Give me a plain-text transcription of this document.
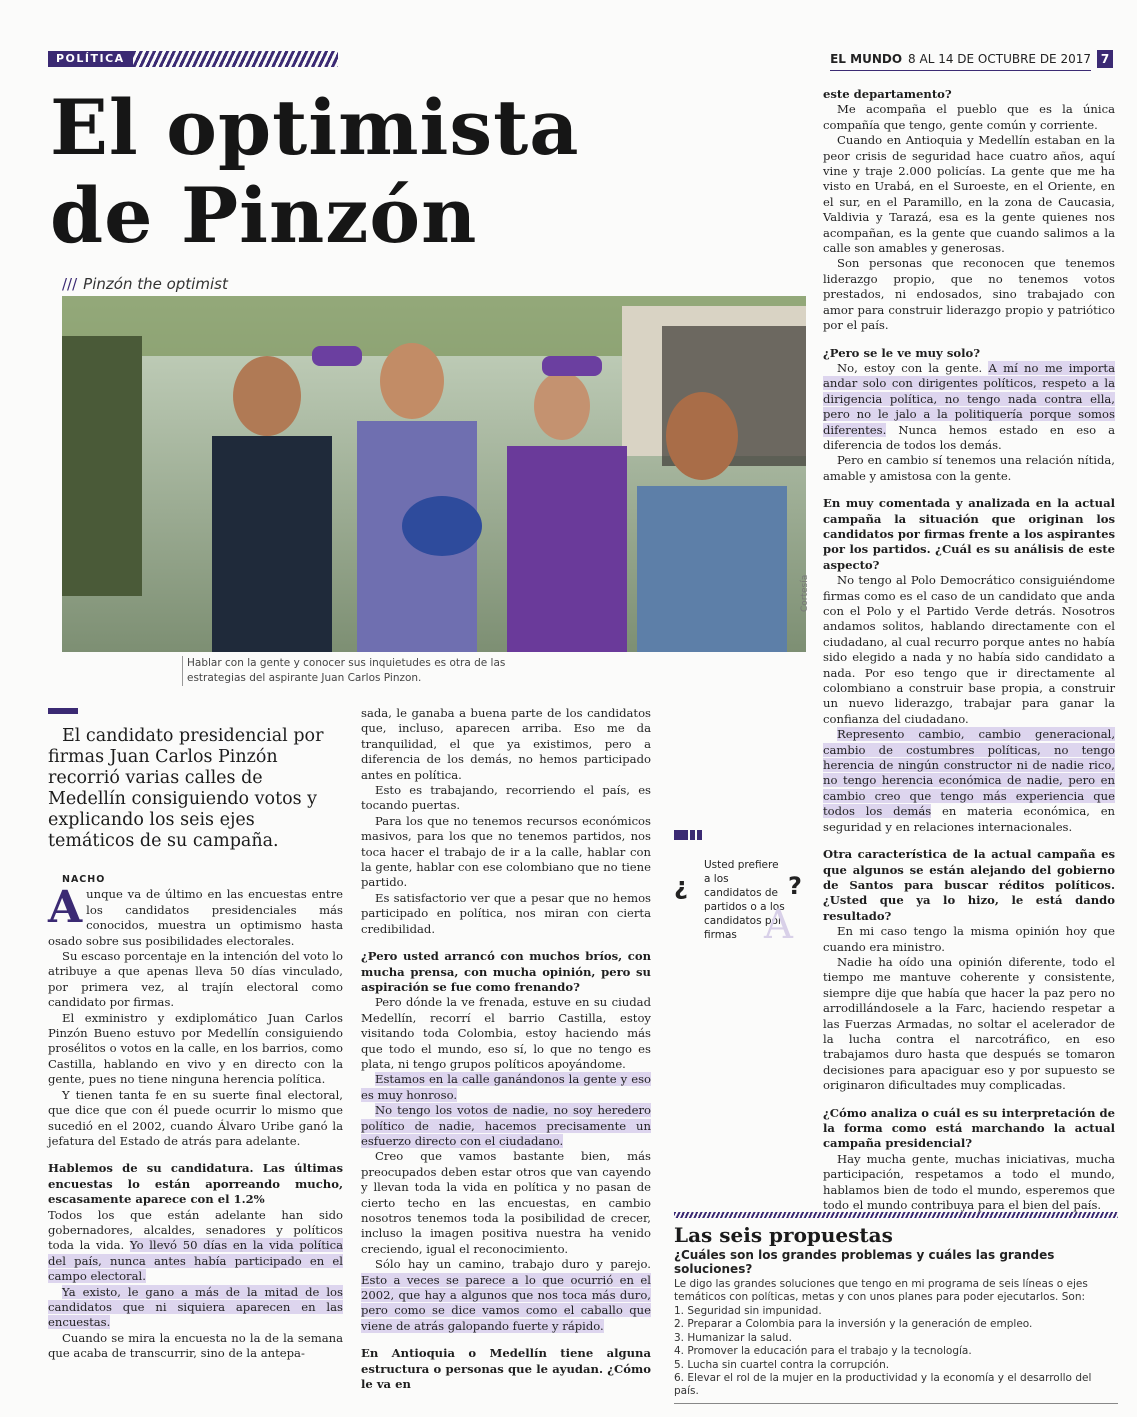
POLÍTICA	EL MUNDO 8 AL 14 DE OCTUBRE DE 2017 7
El optimista de Pinzón
/// Pinzón the optimist
Cortesía
Hablar con la gente y conocer sus inquietudes es otra de las estrategias del aspirante Juan Carlos Pinzon.

El candidato presidencial por firmas Juan Carlos Pinzón recorrió varias calles de Medellín consiguiendo votos y explicando los seis ejes temáticos de su campaña.

NACHO

Aunque va de último en las encuestas entre los candidatos presidenciales más conocidos, muestra un optimismo hasta osado sobre sus posibilidades electorales.

Su escaso porcentaje en la intención del voto lo atribuye a que apenas lleva 50 días vinculado, por primera vez, al trajín electoral como candidato por firmas.

El exministro y exdiplomático Juan Carlos Pinzón Bueno estuvo por Medellín consiguiendo prosélitos o votos en la calle, en los barrios, como Castilla, hablando en vivo y en directo con la gente, pues no tiene ninguna herencia política.

Y tienen tanta fe en su suerte final electoral, que dice que con él puede ocurrir lo mismo que sucedió en el 2002, cuando Álvaro Uribe ganó la jefatura del Estado de atrás para adelante.

Hablemos de su candidatura. Las últimas encuestas lo están aporreando mucho, escasamente aparece con el 1.2%

Todos los que están adelante han sido gobernadores, alcaldes, senadores y políticos toda la vida. Yo llevó 50 días en la vida política del país, nunca antes había participado en el campo electoral.

Ya existo, le gano a más de la mitad de los candidatos que ni siquiera aparecen en las encuestas.

Cuando se mira la encuesta no la de la semana que acaba de transcurrir, sino de la antepa-

sada, le ganaba a buena parte de los candidatos que, incluso, aparecen arriba. Eso me da tranquilidad, el que ya existimos, pero a diferencia de los demás, no hemos participado antes en política.

Esto es trabajando, recorriendo el país, es tocando puertas.

Para los que no tenemos recursos económicos masivos, para los que no tenemos partidos, nos toca hacer el trabajo de ir a la calle, hablar con la gente, hablar con ese colombiano que no tiene partido.

Es satisfactorio ver que a pesar que no hemos participado en política, nos miran con cierta credibilidad.

¿Pero usted arrancó con muchos bríos, con mucha prensa, con mucha opinión, pero su aspiración se fue como frenando?

Pero dónde la ve frenada, estuve en su ciudad Medellín, recorrí el barrio Castilla, estoy visitando toda Colombia, estoy haciendo más que todo el mundo, eso sí, lo que no tengo es plata, ni tengo grupos políticos apoyándome.

Estamos en la calle ganándonos la gente y eso es muy honroso.

No tengo los votos de nadie, no soy heredero político de nadie, hacemos precisamente un esfuerzo directo con el ciudadano.

Creo que vamos bastante bien, más preocupados deben estar otros que van cayendo y llevan toda la vida en política y no pasan de cierto techo en las encuestas, en cambio nosotros tenemos toda la posibilidad de crecer, incluso la imagen positiva nuestra ha venido creciendo, igual el reconocimiento.

Sólo hay un camino, trabajo duro y parejo. Esto a veces se parece a lo que ocurrió en el 2002, que hay a algunos que nos toca más duro, pero como se dice vamos como el caballo que viene de atrás galopando fuerte y rápido.

En Antioquia o Medellín tiene alguna estructura o personas que le ayudan. ¿Cómo le va en

este departamento?

Me acompaña el pueblo que es la única compañía que tengo, gente común y corriente.

Cuando en Antioquia y Medellín estaban en la peor crisis de seguridad hace cuatro años, aquí vine y traje 2.000 policías. La gente que me ha visto en Urabá, en el Suroeste, en el Oriente, en el sur, en el Paramillo, en la zona de Caucasia, Valdivia y Tarazá, esa es la gente quienes nos acompañan, es la gente que cuando salimos a la calle son amables y generosas.

Son personas que reconocen que tenemos liderazgo propio, que no tenemos votos prestados, ni endosados, sino trabajado con amor para construir liderazgo propio y patriótico por el país.

¿Pero se le ve muy solo?

No, estoy con la gente. A mí no me importa andar solo con dirigentes políticos, respeto a la dirigencia política, no tengo nada contra ella, pero no le jalo a la politiquería porque somos diferentes. Nunca hemos estado en eso a diferencia de todos los demás.

Pero en cambio sí tenemos una relación nítida, amable y amistosa con la gente.

En muy comentada y analizada en la actual campaña la situación que originan los candidatos por firmas frente a los aspirantes por los partidos. ¿Cuál es su análisis de este aspecto?

No tengo al Polo Democrático consiguiéndome firmas como es el caso de un candidato que anda con el Polo y el Partido Verde detrás. Nosotros andamos solitos, hablando directamente con el ciudadano, al cual recurro porque antes no había sido elegido a nada y no había sido candidato a nada. Por eso tengo que ir directamente al colombiano a construir base propia, a construir un nuevo liderazgo, trabajar para ganar la confianza del ciudadano.

Represento cambio, cambio generacional, cambio de costumbres políticas, no tengo herencia de ningún constructor ni de nadie rico, no tengo herencia económica de nadie, pero en cambio creo que tengo más experiencia que todos los demás en materia económica, en seguridad y en relaciones internacionales.

Otra característica de la actual campaña es que algunos se están alejando del gobierno de Santos para buscar réditos políticos. ¿Usted que ya lo hizo, le está dando resultado?

En mi caso tengo la misma opinión hoy que cuando era ministro.

Nadie ha oído una opinión diferente, todo el tiempo me mantuve coherente y consistente, siempre dije que había que hacer la paz pero no arrodillándosele a la Farc, haciendo respetar a las Fuerzas Armadas, no soltar el acelerador de la lucha contra el narcotráfico, en eso trabajamos duro hasta que después se tomaron decisiones para apaciguar eso y por supuesto se originaron dificultades muy complicadas.

¿Cómo analiza o cuál es su interpretación de la forma como está marchando la actual campaña presidencial?

Hay mucha gente, muchas iniciativas, mucha participación, respetamos a todo el mundo, hablamos bien de todo el mundo, esperemos que todo el mundo contribuya para el bien del país.

¿	?
Usted prefiere a los candidatos de partidos o a los candidatos por firmas A
Las seis propuestas

¿Cuáles son los grandes problemas y cuáles las grandes soluciones?

Le digo las grandes soluciones que tengo en mi programa de seis líneas o ejes temáticos con políticas, metas y con unos planes para poder ejecutarlos. Son:

1. Seguridad sin impunidad.
2. Preparar a Colombia para la inversión y la generación de empleo.
3. Humanizar la salud.
4. Promover la educación para el trabajo y la tecnología.
5. Lucha sin cuartel contra la corrupción.
6. Elevar el rol de la mujer en la productividad y la economía y el desarrollo del país.
